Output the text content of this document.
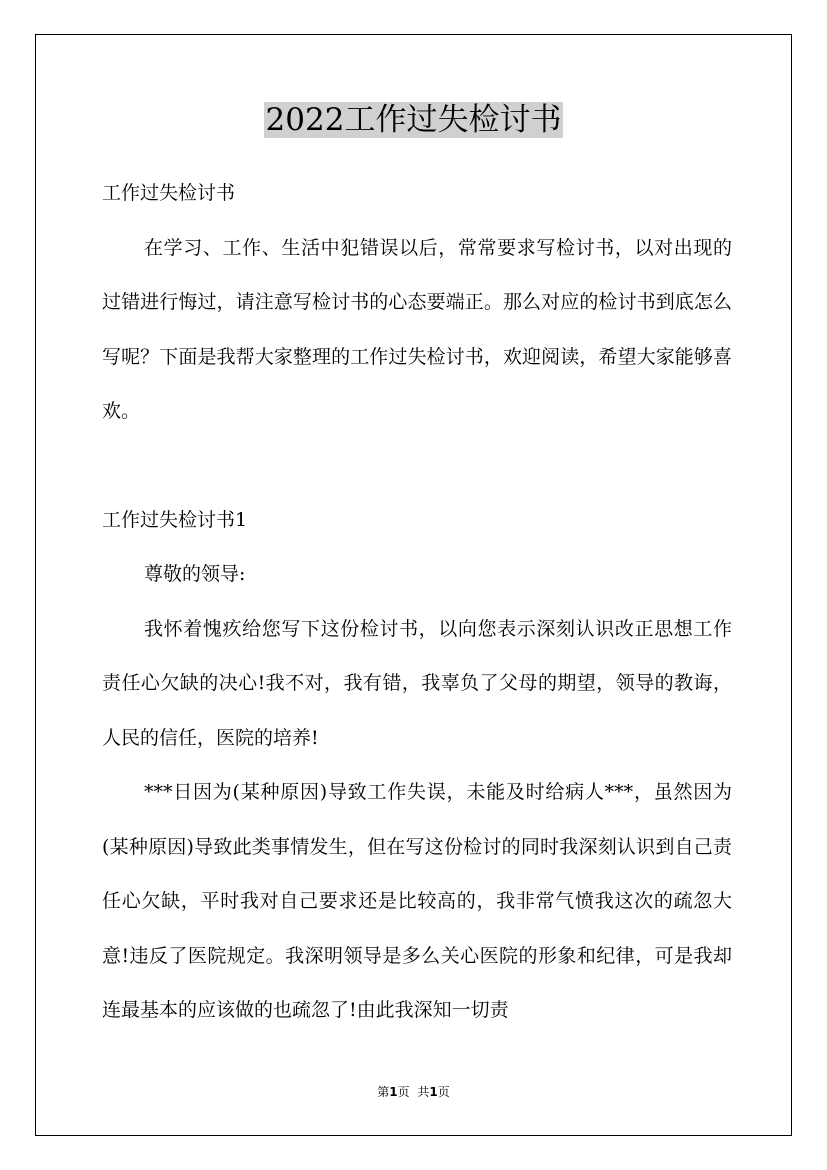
2022工作过失检讨书

工作过失检讨书

在学习、工作、生活中犯错误以后，常常要求写检讨书，以对出现的过错进行悔过，请注意写检讨书的心态要端正。那么对应的检讨书到底怎么写呢？下面是我帮大家整理的工作过失检讨书，欢迎阅读，希望大家能够喜欢。

工作过失检讨书1

尊敬的领导:

我怀着愧疚给您写下这份检讨书，以向您表示深刻认识改正思想工作责任心欠缺的决心!我不对，我有错，我辜负了父母的期望，领导的教诲，人民的信任，医院的培养!

***日因为(某种原因)导致工作失误，未能及时给病人***，虽然因为(某种原因)导致此类事情发生，但在写这份检讨的同时我深刻认识到自己责任心欠缺，平时我对自己要求还是比较高的，我非常气愤我这次的疏忽大意!违反了医院规定。我深明领导是多么关心医院的形象和纪律，可是我却连最基本的应该做的也疏忽了!由此我深知一切责

第1页 共1页
